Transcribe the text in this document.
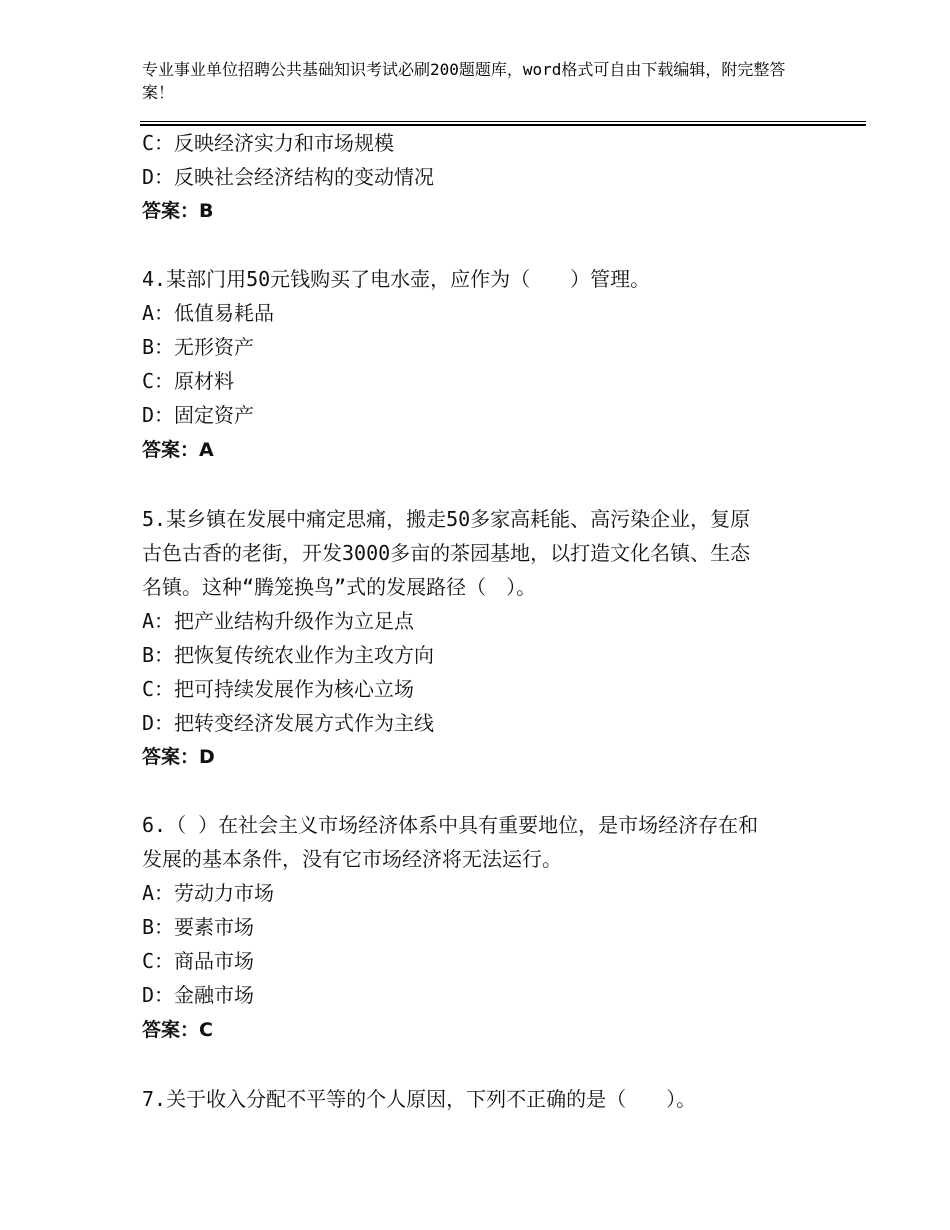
专业事业单位招聘公共基础知识考试必刷200题题库，word格式可自由下载编辑，附完整答案！
C：反映经济实力和市场规模
D：反映社会经济结构的变动情况
答案：B
4.某部门用50元钱购买了电水壶，应作为（　　）管理。
A：低值易耗品
B：无形资产
C：原材料
D：固定资产
答案：A
5.某乡镇在发展中痛定思痛，搬走50多家高耗能、高污染企业，复原
古色古香的老街，开发3000多亩的茶园基地，以打造文化名镇、生态
名镇。这种“腾笼换鸟”式的发展路径（　）。
A：把产业结构升级作为立足点
B：把恢复传统农业作为主攻方向
C：把可持续发展作为核心立场
D：把转变经济发展方式作为主线
答案：D
6.（ ）在社会主义市场经济体系中具有重要地位，是市场经济存在和
发展的基本条件，没有它市场经济将无法运行。
A：劳动力市场
B：要素市场
C：商品市场
D：金融市场
答案：C
7.关于收入分配不平等的个人原因，下列不正确的是（　　）。
